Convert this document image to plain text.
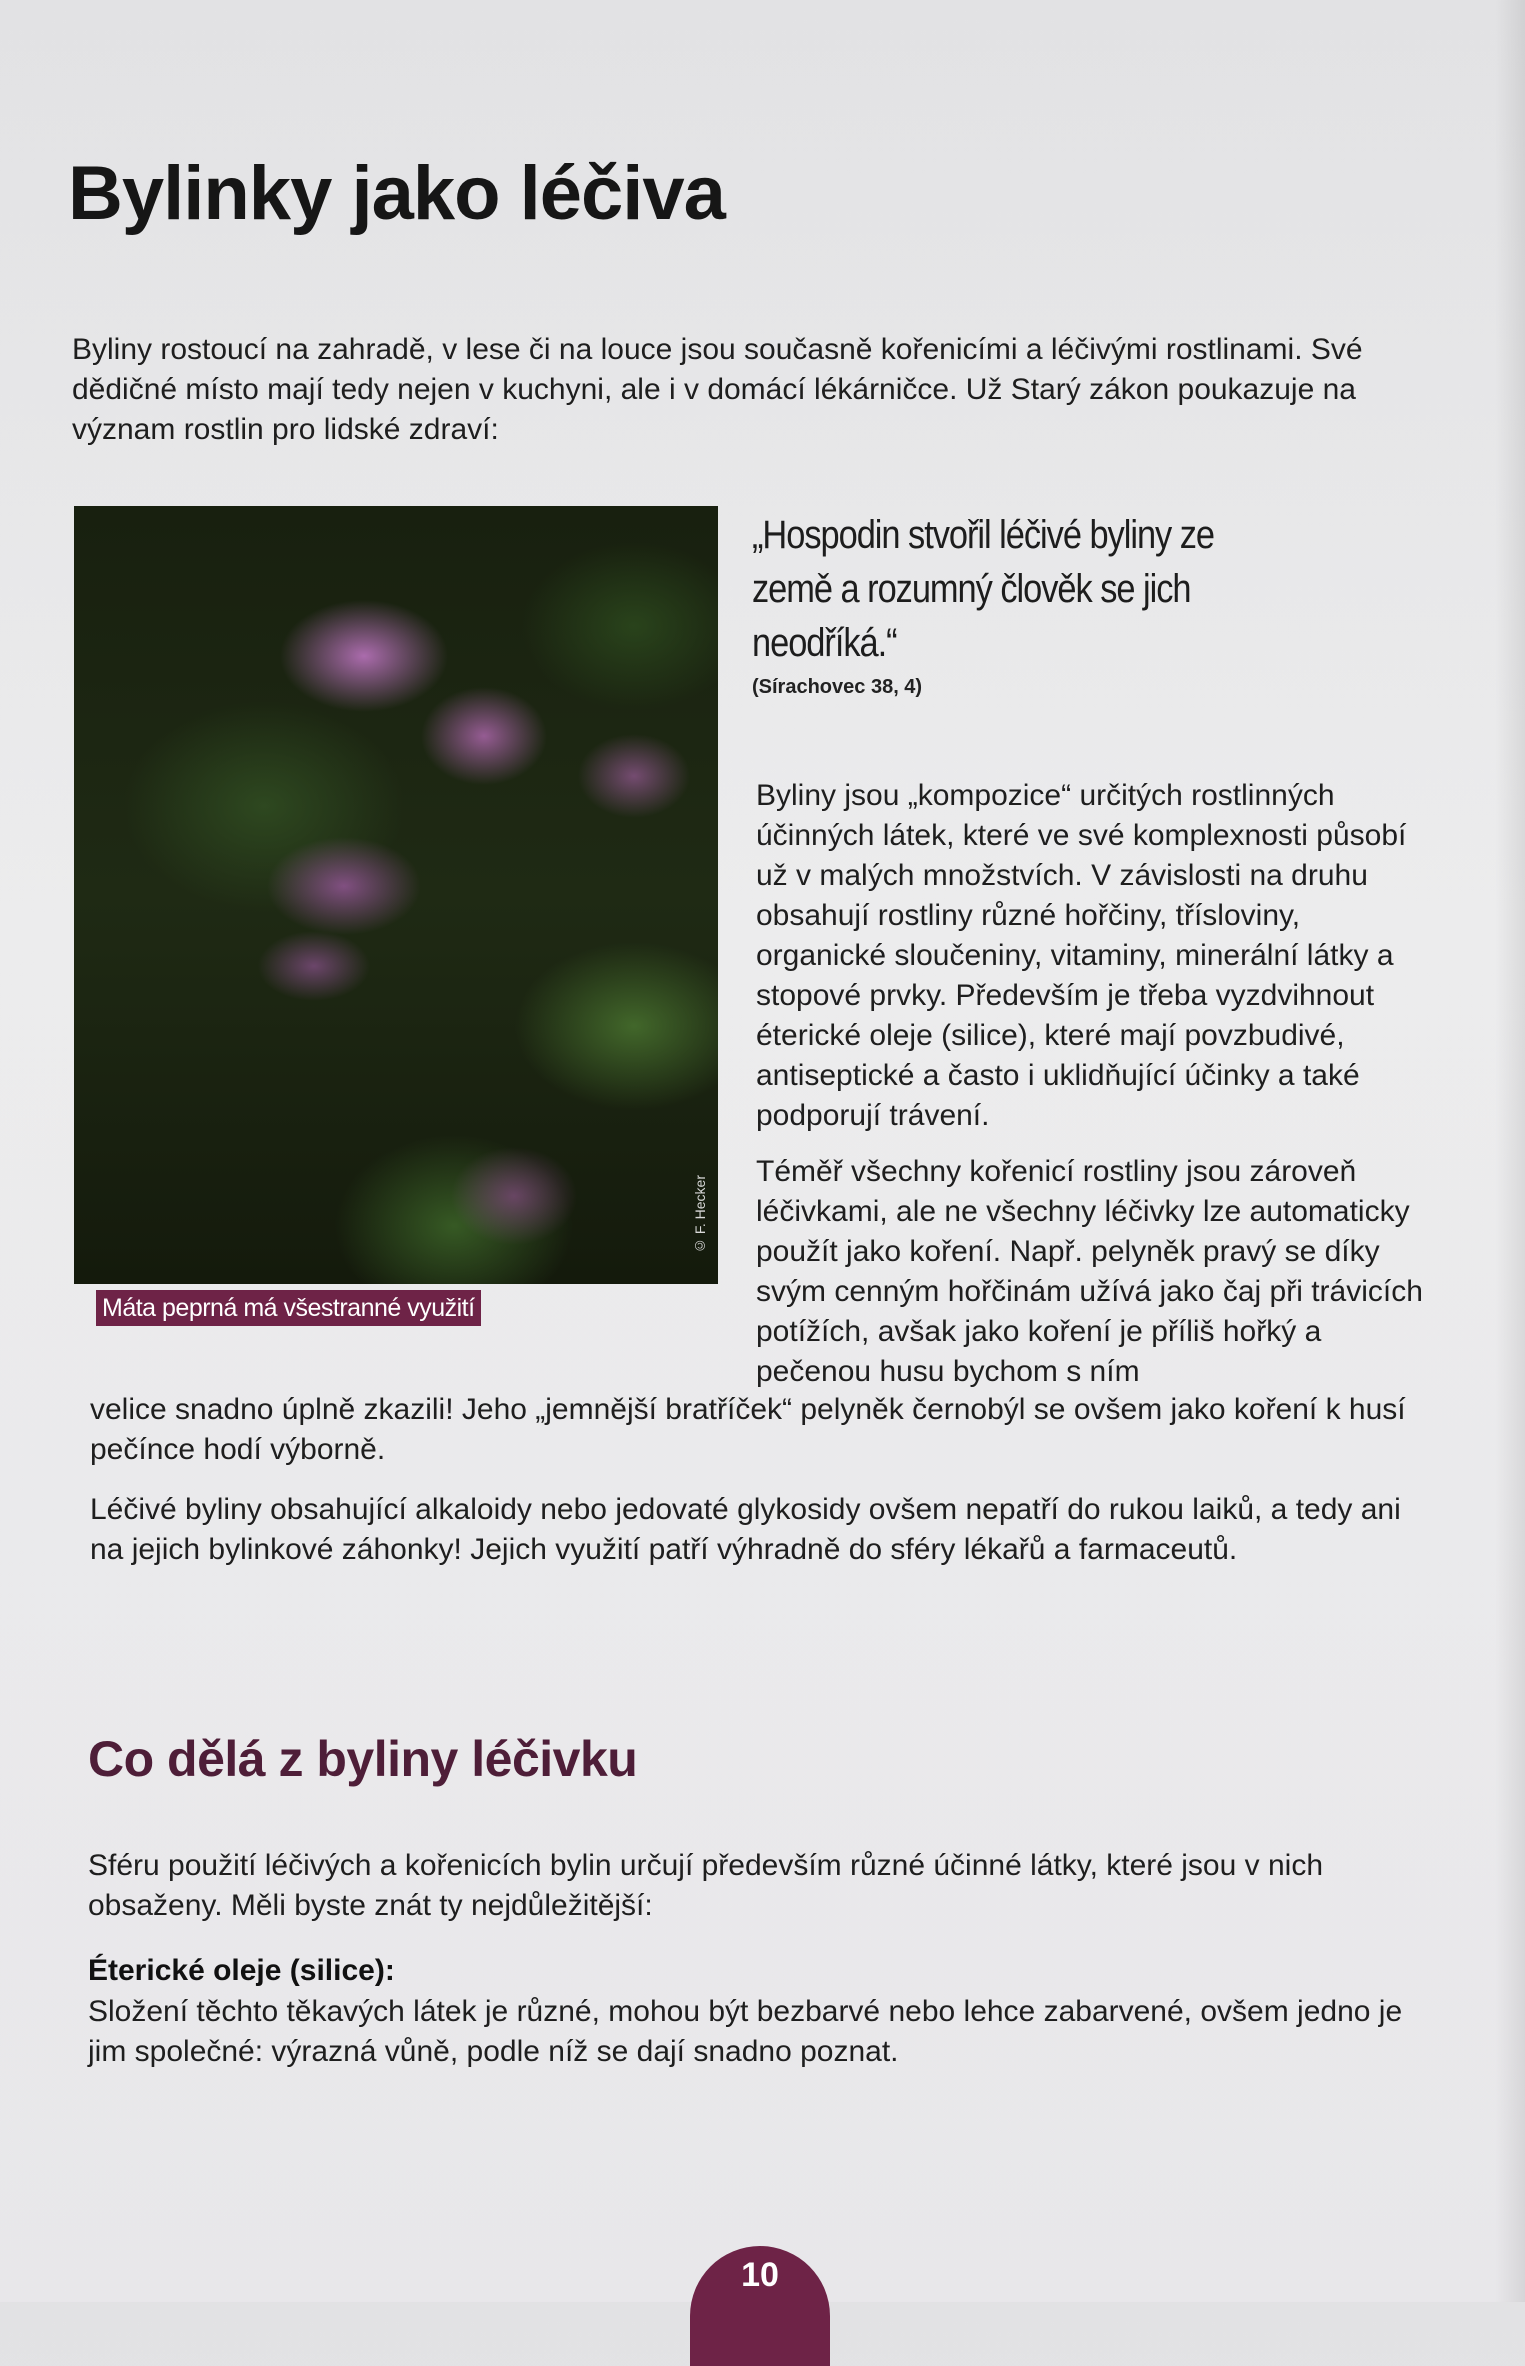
Bylinky jako léčiva

Byliny rostoucí na zahradě, v lese či na louce jsou současně kořenicími a léčivými rostlinami. Své dědičné místo mají tedy nejen v kuchyni, ale i v domácí lékárničce. Už Starý zákon poukazuje na význam rostlin pro lidské zdraví:

© F. Hecker
Máta peprná má všestranné využití

„Hospodin stvořil léčivé byliny ze země a rozumný člověk se jich neodříká.“

(Sírachovec 38, 4)

Byliny jsou „kompozice“ určitých rostlinných účinných látek, které ve své komplexnosti působí už v malých množstvích. V závislosti na druhu obsahují rostliny různé hořčiny, třísloviny, organické sloučeniny, vitaminy, minerální látky a stopové prvky. Především je třeba vyzdvihnout éterické oleje (silice), které mají povzbudivé, antiseptické a často i uklidňující účinky a také podporují trávení.

Téměř všechny kořenicí rostliny jsou zároveň léčivkami, ale ne všechny léčivky lze automaticky použít jako koření. Např. pelyněk pravý se díky svým cenným hořčinám užívá jako čaj při trávicích potížích, avšak jako koření je příliš hořký a pečenou husu bychom s ním

velice snadno úplně zkazili! Jeho „jemnější bratříček“ pelyněk černobýl se ovšem jako koření k husí pečínce hodí výborně.

Léčivé byliny obsahující alkaloidy nebo jedovaté glykosidy ovšem nepatří do rukou laiků, a tedy ani na jejich bylinkové záhonky! Jejich využití patří výhradně do sféry lékařů a farmaceutů.

Co dělá z byliny léčivku

Sféru použití léčivých a kořenicích bylin určují především různé účinné látky, které jsou v nich obsaženy. Měli byste znát ty nejdůležitější:

Éterické oleje (silice):

Složení těchto těkavých látek je různé, mohou být bezbarvé nebo lehce zabarvené, ovšem jedno je jim společné: výrazná vůně, podle níž se dají snadno poznat.

10
